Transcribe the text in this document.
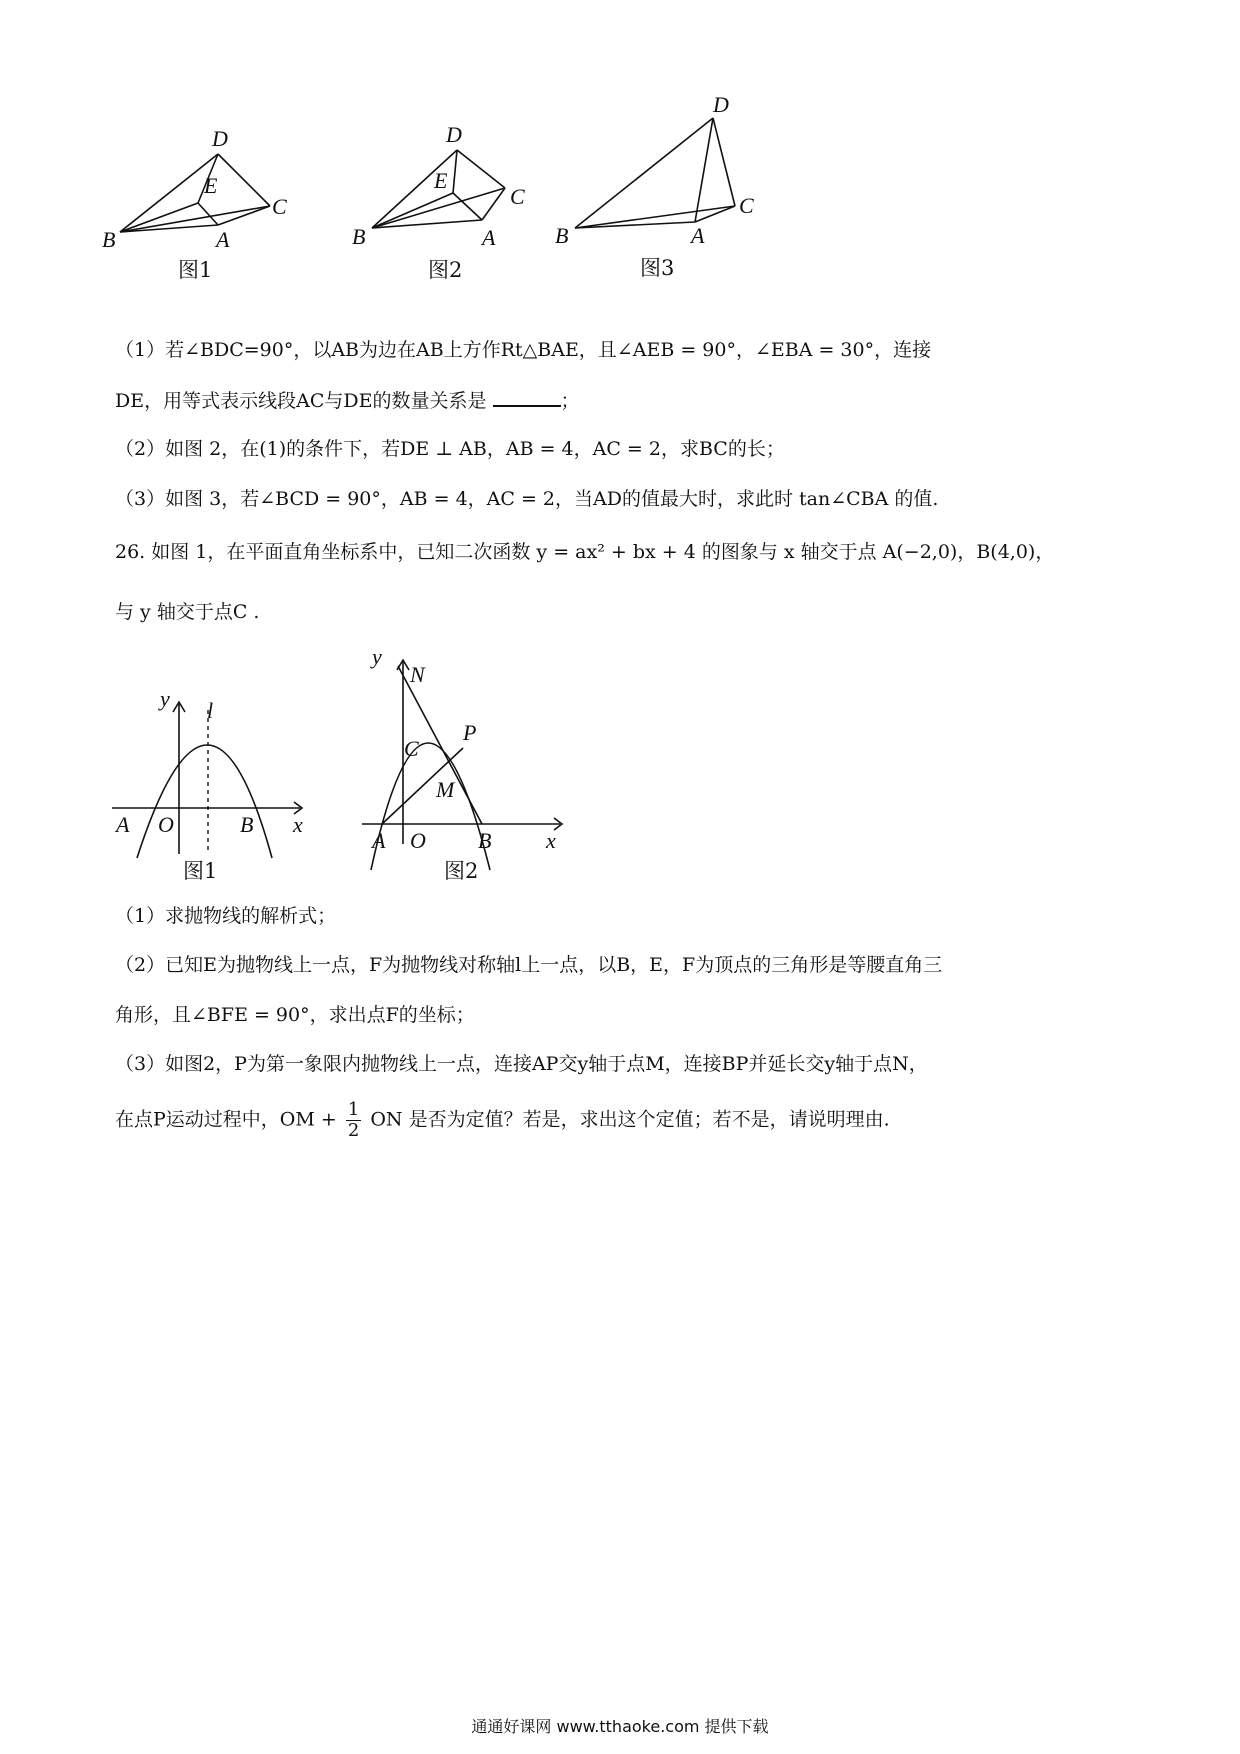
D
E
C
B	A
图1
D
E
C
B	A
图2
D
C
B	A
图3
（1）若∠BDC=90°，以AB为边在AB上方作Rt△BAE，且∠AEB = 90°，∠EBA = 30°，连接
DE，用等式表示线段AC与DE的数量关系是	；
（2）如图 2，在(1)的条件下，若DE ⊥ AB，AB = 4，AC = 2，求BC的长；
（3）如图 3，若∠BCD = 90°，AB = 4，AC = 2，当AD的值最大时，求此时 tan∠CBA 的值.
26. 如图 1，在平面直角坐标系中，已知二次函数 y = ax² + bx + 4 的图象与 x 轴交于点 A(−2,0)，B(4,0)，
与 y 轴交于点C .
y l
A O	B x
图1
y
N
C
P
M
A O B x
图2
（1）求抛物线的解析式；
（2）已知E为抛物线上一点，F为抛物线对称轴l上一点，以B，E，F为顶点的三角形是等腰直角三
角形，且∠BFE = 90°，求出点F的坐标；
（3）如图2，P为第一象限内抛物线上一点，连接AP交y轴于点M，连接BP并延长交y轴于点N，
在点P运动过程中，OM + $\frac{1}{2}$ ON 是否为定值？若是，求出这个定值；若不是，请说明理由.
通通好课网 www.tthaoke.com 提供下载
